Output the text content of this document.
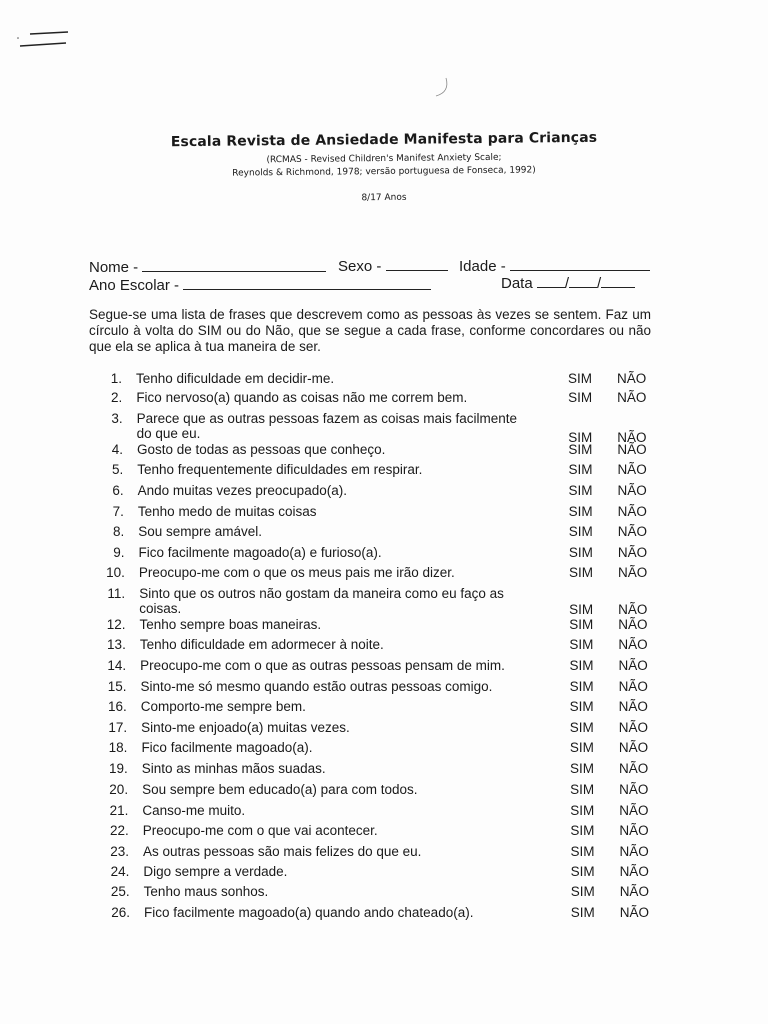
Escala Revista de Ansiedade Manifesta para Crianças
(RCMAS - Revised Children's Manifest Anxiety Scale;
Reynolds & Richmond, 1978; versão portuguesa de Fonseca, 1992)
8/17 Anos
Nome -	Sexo -	Idade -
Ano Escolar -	Data / /
Segue-se uma lista de frases que descrevem como as pessoas às vezes se sentem. Faz um círculo à volta do SIM ou do Não, que se segue a cada frase, conforme concordares ou não que ela se aplica à tua maneira de ser.
1. Tenho dificuldade em decidir-me.	SIM NÃO
2. Fico nervoso(a) quando as coisas não me correm bem.	SIM NÃO
3. Parece que as outras pessoas fazem as coisas mais facilmente
do que eu.	SIM NÃO
4. Gosto de todas as pessoas que conheço.	SIM NÃO
5. Tenho frequentemente dificuldades em respirar.	SIM NÃO
6. Ando muitas vezes preocupado(a).	SIM NÃO
7. Tenho medo de muitas coisas	SIM NÃO
8. Sou sempre amável.	SIM NÃO
9. Fico facilmente magoado(a) e furioso(a).	SIM NÃO
10. Preocupo-me com o que os meus pais me irão dizer.	SIM NÃO
11. Sinto que os outros não gostam da maneira como eu faço as
coisas.	SIM NÃO
12. Tenho sempre boas maneiras.	SIM NÃO
13. Tenho dificuldade em adormecer à noite.	SIM NÃO
14. Preocupo-me com o que as outras pessoas pensam de mim.	SIM NÃO
15. Sinto-me só mesmo quando estão outras pessoas comigo.	SIM NÃO
16. Comporto-me sempre bem.	SIM NÃO
17. Sinto-me enjoado(a) muitas vezes.	SIM NÃO
18. Fico facilmente magoado(a).	SIM NÃO
19. Sinto as minhas mãos suadas.	SIM NÃO
20. Sou sempre bem educado(a) para com todos.	SIM NÃO
21. Canso-me muito.	SIM NÃO
22. Preocupo-me com o que vai acontecer.	SIM NÃO
23. As outras pessoas são mais felizes do que eu.	SIM NÃO
24. Digo sempre a verdade.	SIM NÃO
25. Tenho maus sonhos.	SIM NÃO
26. Fico facilmente magoado(a) quando ando chateado(a).	SIM NÃO
